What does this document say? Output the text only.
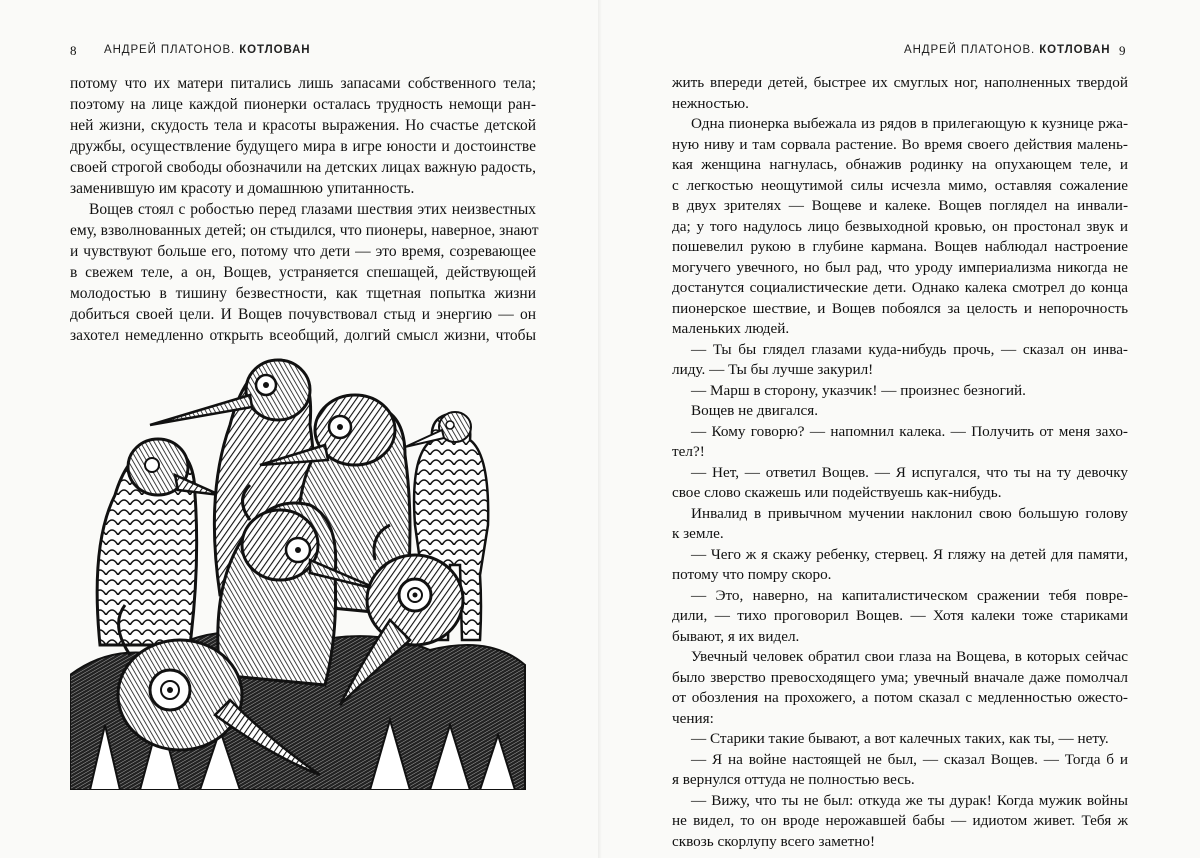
8 АНДРЕЙ ПЛАТОНОВ. КОТЛОВАН
потому что их матери питались лишь запасами собственного тела;
поэтому на лице каждой пионерки осталась трудность немощи ран-
ней жизни, скудость тела и красоты выражения. Но счастье детской
дружбы, осуществление будущего мира в игре юности и достоинстве
своей строгой свободы обозначили на детских лицах важную радость,
заменившую им красоту и домашнюю упитанность.
Вощев стоял с робостью перед глазами шествия этих неизвестных
ему, взволнованных детей; он стыдился, что пионеры, наверное, знают
и чувствуют больше его, потому что дети — это время, созревающее
в свежем теле, а он, Вощев, устраняется спешащей, действующей
молодостью в тишину безвестности, как тщетная попытка жизни
добиться своей цели. И Вощев почувствовал стыд и энергию — он
захотел немедленно открыть всеобщий, долгий смысл жизни, чтобы
АНДРЕЙ ПЛАТОНОВ. КОТЛОВАН 9
жить впереди детей, быстрее их смуглых ног, наполненных твердой
нежностью.
Одна пионерка выбежала из рядов в прилегающую к кузнице ржа-
ную ниву и там сорвала растение. Во время своего действия малень-
кая женщина нагнулась, обнажив родинку на опухающем теле, и
с легкостью неощутимой силы исчезла мимо, оставляя сожаление
в двух зрителях — Вощеве и калеке. Вощев поглядел на инвали-
да; у того надулось лицо безвыходной кровью, он простонал звук и
пошевелил рукою в глубине кармана. Вощев наблюдал настроение
могучего увечного, но был рад, что уроду империализма никогда не
достанутся социалистические дети. Однако калека смотрел до конца
пионерское шествие, и Вощев побоялся за целость и непорочность
маленьких людей.
— Ты бы глядел глазами куда-нибудь прочь, — сказал он инва-
лиду. — Ты бы лучше закурил!
— Марш в сторону, указчик! — произнес безногий.
Вощев не двигался.
— Кому говорю? — напомнил калека. — Получить от меня захо-
тел?!
— Нет, — ответил Вощев. — Я испугался, что ты на ту девочку
свое слово скажешь или подействуешь как-нибудь.
Инвалид в привычном мучении наклонил свою большую голову
к земле.
— Чего ж я скажу ребенку, стервец. Я гляжу на детей для памяти,
потому что помру скоро.
— Это, наверно, на капиталистическом сражении тебя повре-
дили, — тихо проговорил Вощев. — Хотя калеки тоже стариками
бывают, я их видел.
Увечный человек обратил свои глаза на Вощева, в которых сейчас
было зверство превосходящего ума; увечный вначале даже помолчал
от обозления на прохожего, а потом сказал с медленностью ожесто-
чения:
— Старики такие бывают, а вот калечных таких, как ты, — нету.
— Я на войне настоящей не был, — сказал Вощев. — Тогда б и
я вернулся оттуда не полностью весь.
— Вижу, что ты не был: откуда же ты дурак! Когда мужик войны
не видел, то он вроде нерожавшей бабы — идиотом живет. Тебя ж
сквозь скорлупу всего заметно!
